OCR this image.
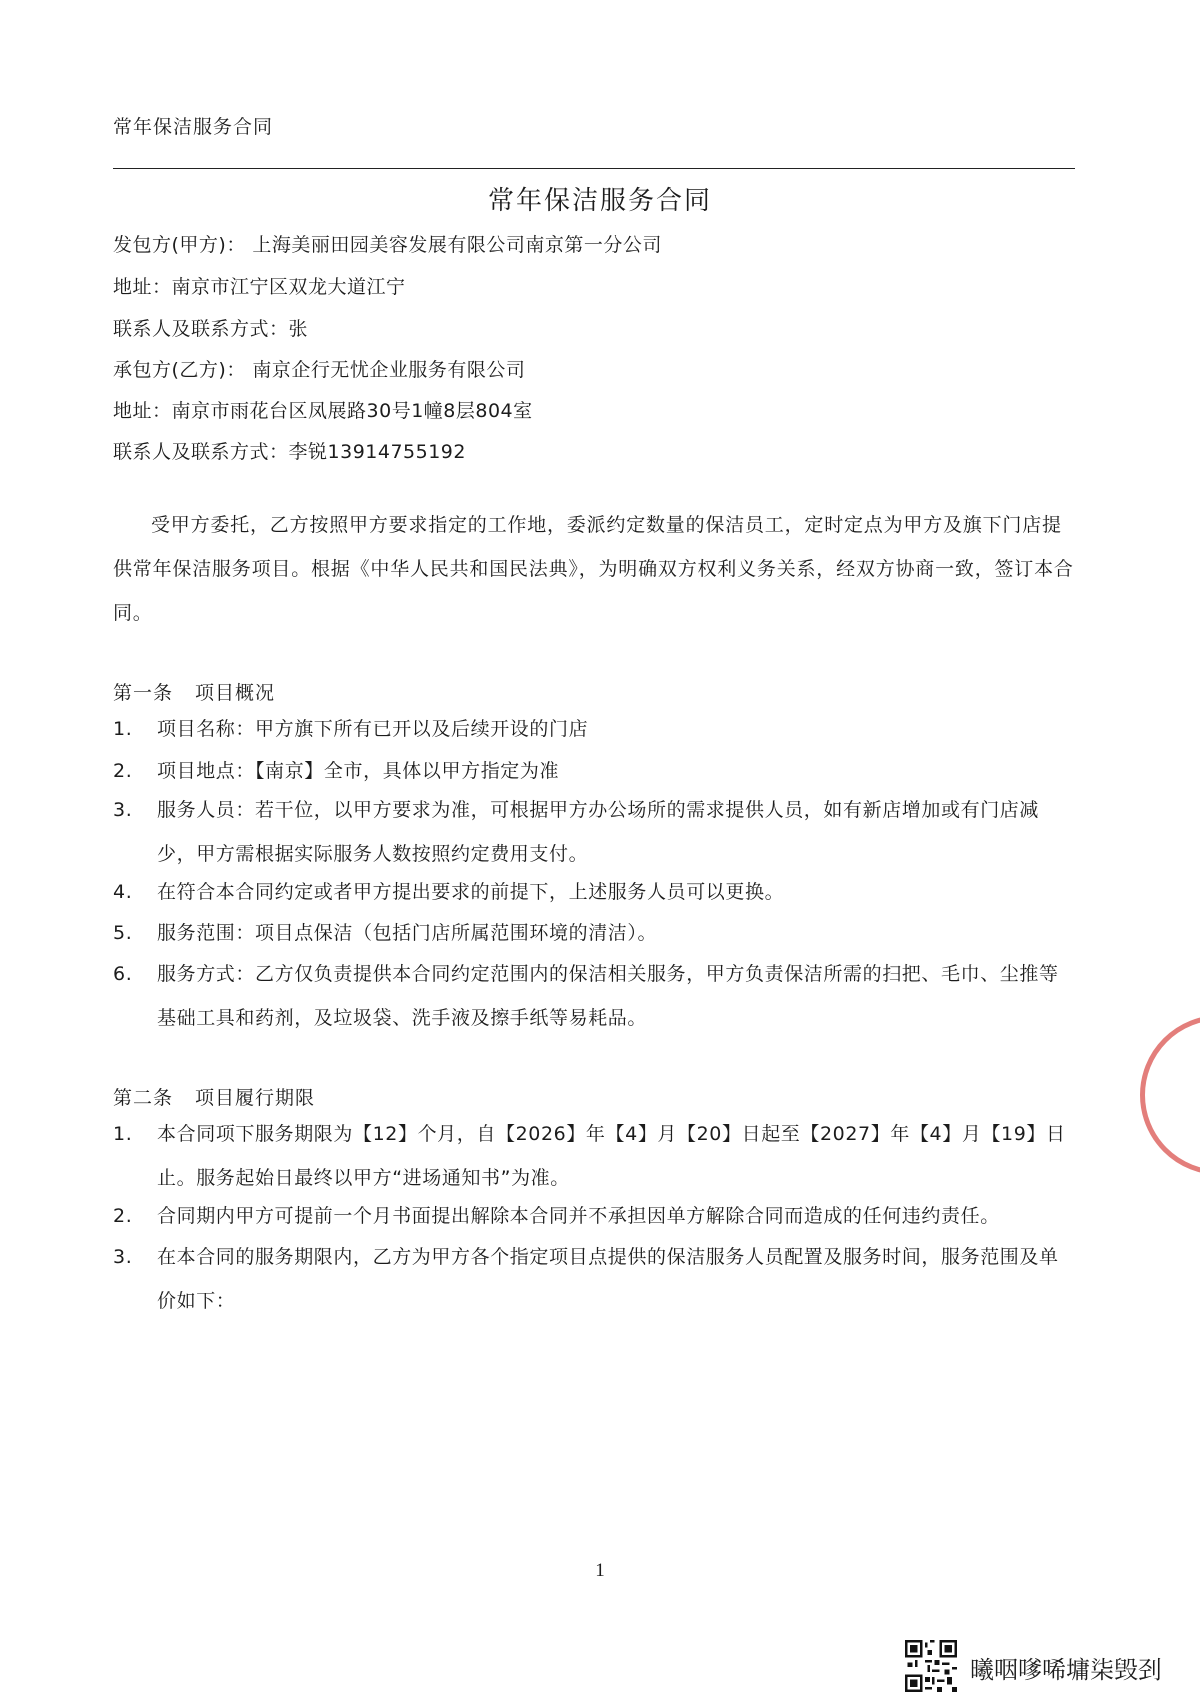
常年保洁服务合同
常年保洁服务合同
发包方(甲方)： 上海美丽田园美容发展有限公司南京第一分公司
地址：南京市江宁区双龙大道江宁
联系人及联系方式：张
承包方(乙方)： 南京企行无忧企业服务有限公司
地址：南京市雨花台区凤展路30号1幢8层804室
联系人及联系方式：李锐13914755192
受甲方委托，乙方按照甲方要求指定的工作地，委派约定数量的保洁员工，定时定点为甲方及旗下门店提供常年保洁服务项目。根据《中华人民共和国民法典》，为明确双方权利义务关系，经双方协商一致，签订本合同。
第一条 项目概况
1. 项目名称：甲方旗下所有已开以及后续开设的门店
2. 项目地点：【南京】全市，具体以甲方指定为准
3. 服务人员：若干位，以甲方要求为准，可根据甲方办公场所的需求提供人员，如有新店增加或有门店减少，甲方需根据实际服务人数按照约定费用支付。
4. 在符合本合同约定或者甲方提出要求的前提下，上述服务人员可以更换。
5. 服务范围：项目点保洁（包括门店所属范围环境的清洁）。
6. 服务方式：乙方仅负责提供本合同约定范围内的保洁相关服务，甲方负责保洁所需的扫把、毛巾、尘推等基础工具和药剂，及垃圾袋、洗手液及擦手纸等易耗品。
第二条 项目履行期限
1. 本合同项下服务期限为【12】个月，自【2026】年【4】月【20】日起至【2027】年【4】月【19】日止。服务起始日最终以甲方“进场通知书”为准。
2. 合同期内甲方可提前一个月书面提出解除本合同并不承担因单方解除合同而造成的任何违约责任。
3. 在本合同的服务期限内，乙方为甲方各个指定项目点提供的保洁服务人员配置及服务时间，服务范围及单价如下：
1
曦咽嗲唏墉柒毁刭
